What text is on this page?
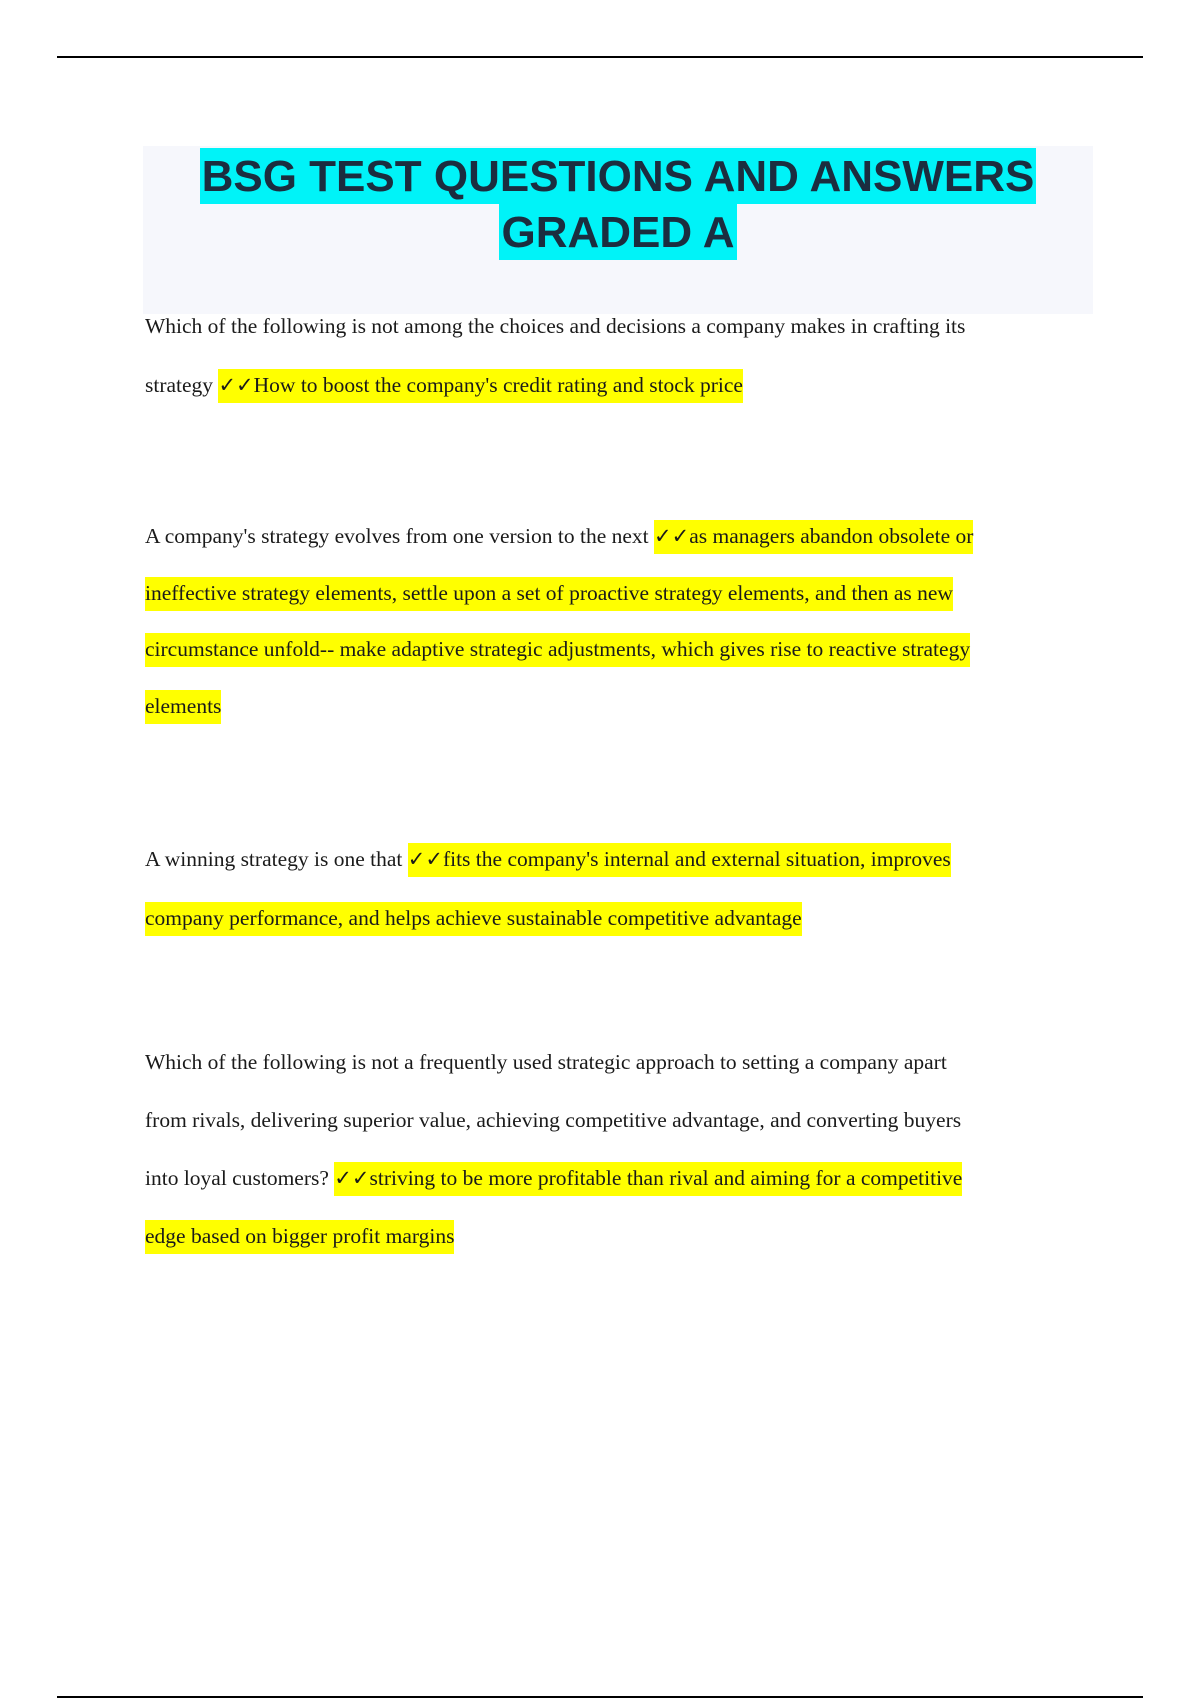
BSG TEST QUESTIONS AND ANSWERS
GRADED A
Which of the following is not among the choices and decisions a company makes in crafting its
strategy ✓✓How to boost the company's credit rating and stock price
A company's strategy evolves from one version to the next ✓✓as managers abandon obsolete or
ineffective strategy elements, settle upon a set of proactive strategy elements, and then as new
circumstance unfold-- make adaptive strategic adjustments, which gives rise to reactive strategy
elements
A winning strategy is one that ✓✓fits the company's internal and external situation, improves
company performance, and helps achieve sustainable competitive advantage
Which of the following is not a frequently used strategic approach to setting a company apart
from rivals, delivering superior value, achieving competitive advantage, and converting buyers
into loyal customers? ✓✓striving to be more profitable than rival and aiming for a competitive
edge based on bigger profit margins
